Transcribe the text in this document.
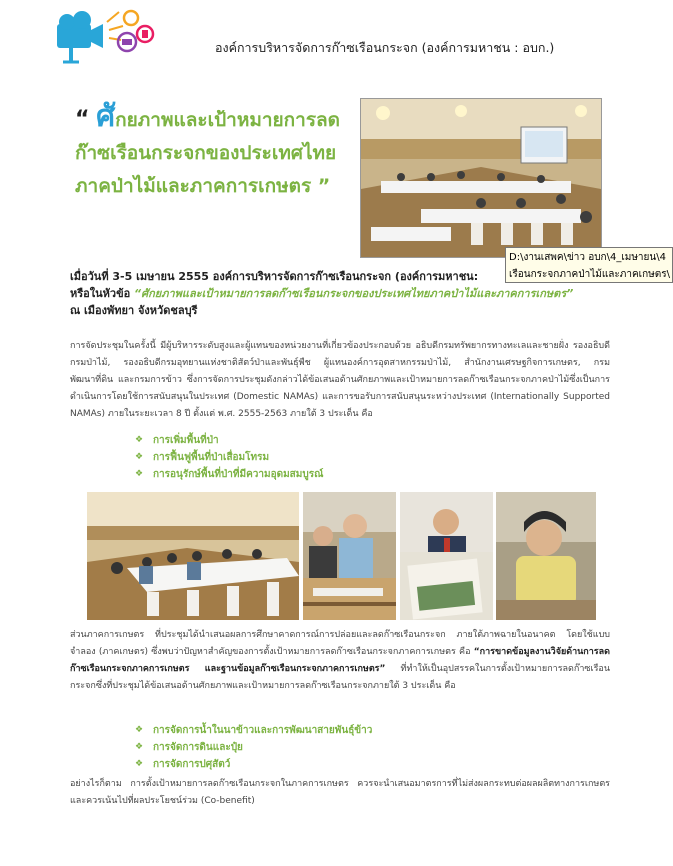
องค์การบริหารจัดการก๊าซเรือนกระจก (องค์การมหาชน : อบก.)
“ ศักยภาพและเป้าหมายการลด
ก๊าซเรือนกระจกของประเทศไทย
ภาคป่าไม้และภาคการเกษตร ”
D:\งานเสพค\ข่าว อบก\4_เมษายน\4
เรือนกระจกภาคป่าไม้และภาคเกษตร\
เมื่อวันที่ 3-5 เมษายน 2555 องค์การบริหารจัดการก๊าซเรือนกระจก (องค์การมหาชน:
หรือในหัวข้อ “ศักยภาพและเป้าหมายการลดก๊าซเรือนกระจกของประเทศไทยภาคป่าไม้และภาคการเกษตร”
ณ เมืองพัทยา จังหวัดชลบุรี
การจัดประชุมในครั้งนี้ มีผู้บริหารระดับสูงและผู้แทนของหน่วยงานที่เกี่ยวข้องประกอบด้วย อธิบดีกรมทรัพยากรทางทะเลและชายฝั่ง รองอธิบดีกรมป่าไม้, รองอธิบดีกรมอุทยานแห่งชาติสัตว์ป่าและพันธุ์พืช ผู้แทนองค์การอุตสาหกรรมป่าไม้, สำนักงานเศรษฐกิจการเกษตร, กรมพัฒนาที่ดิน และกรมการข้าว ซึ่งการจัดการประชุมดังกล่าวได้ข้อเสนอด้านศักยภาพและเป้าหมายการลดก๊าซเรือนกระจกภาคป่าไม้ซึ่งเป็นการดำเนินการโดยใช้การสนับสนุนในประเทศ (Domestic NAMAs) และการขอรับการสนับสนุนระหว่างประเทศ (Internationally Supported NAMAs) ภายในระยะเวลา 8 ปี ตั้งแต่ พ.ศ. 2555-2563 ภายใต้ 3 ประเด็น คือ
❖ การเพิ่มพื้นที่ป่า
❖ การฟื้นฟูพื้นที่ป่าเสื่อมโทรม
❖ การอนุรักษ์พื้นที่ป่าที่มีความอุดมสมบูรณ์
ส่วนภาคการเกษตร ที่ประชุมได้นำเสนอผลการศึกษาคาดการณ์การปล่อยและลดก๊าซเรือนกระจก ภายใต้ภาพฉายในอนาคต โดยใช้แบบจำลอง (ภาคเกษตร) ซึ่งพบว่าปัญหาสำคัญของการตั้งเป้าหมายการลดก๊าซเรือนกระจกภาคการเกษตร คือ “การขาดข้อมูลงานวิจัยด้านการลดก๊าซเรือนกระจกภาคการเกษตร และฐานข้อมูลก๊าซเรือนกระจกภาคการเกษตร” ที่ทำให้เป็นอุปสรรคในการตั้งเป้าหมายการลดก๊าซเรือนกระจกซึ่งที่ประชุมได้ข้อเสนอด้านศักยภาพและเป้าหมายการลดก๊าซเรือนกระจกภายใต้ 3 ประเด็น คือ
❖ การจัดการน้ำในนาข้าวและการพัฒนาสายพันธุ์ข้าว
❖ การจัดการดินและปุ๋ย
❖ การจัดการปศุสัตว์
อย่างไรก็ตาม การตั้งเป้าหมายการลดก๊าซเรือนกระจกในภาคการเกษตร ควรจะนำเสนอมาตรการที่ไม่ส่งผลกระทบต่อผลผลิตทางการเกษตรและควรเน้นไปที่ผลประโยชน์ร่วม (Co-benefit)
